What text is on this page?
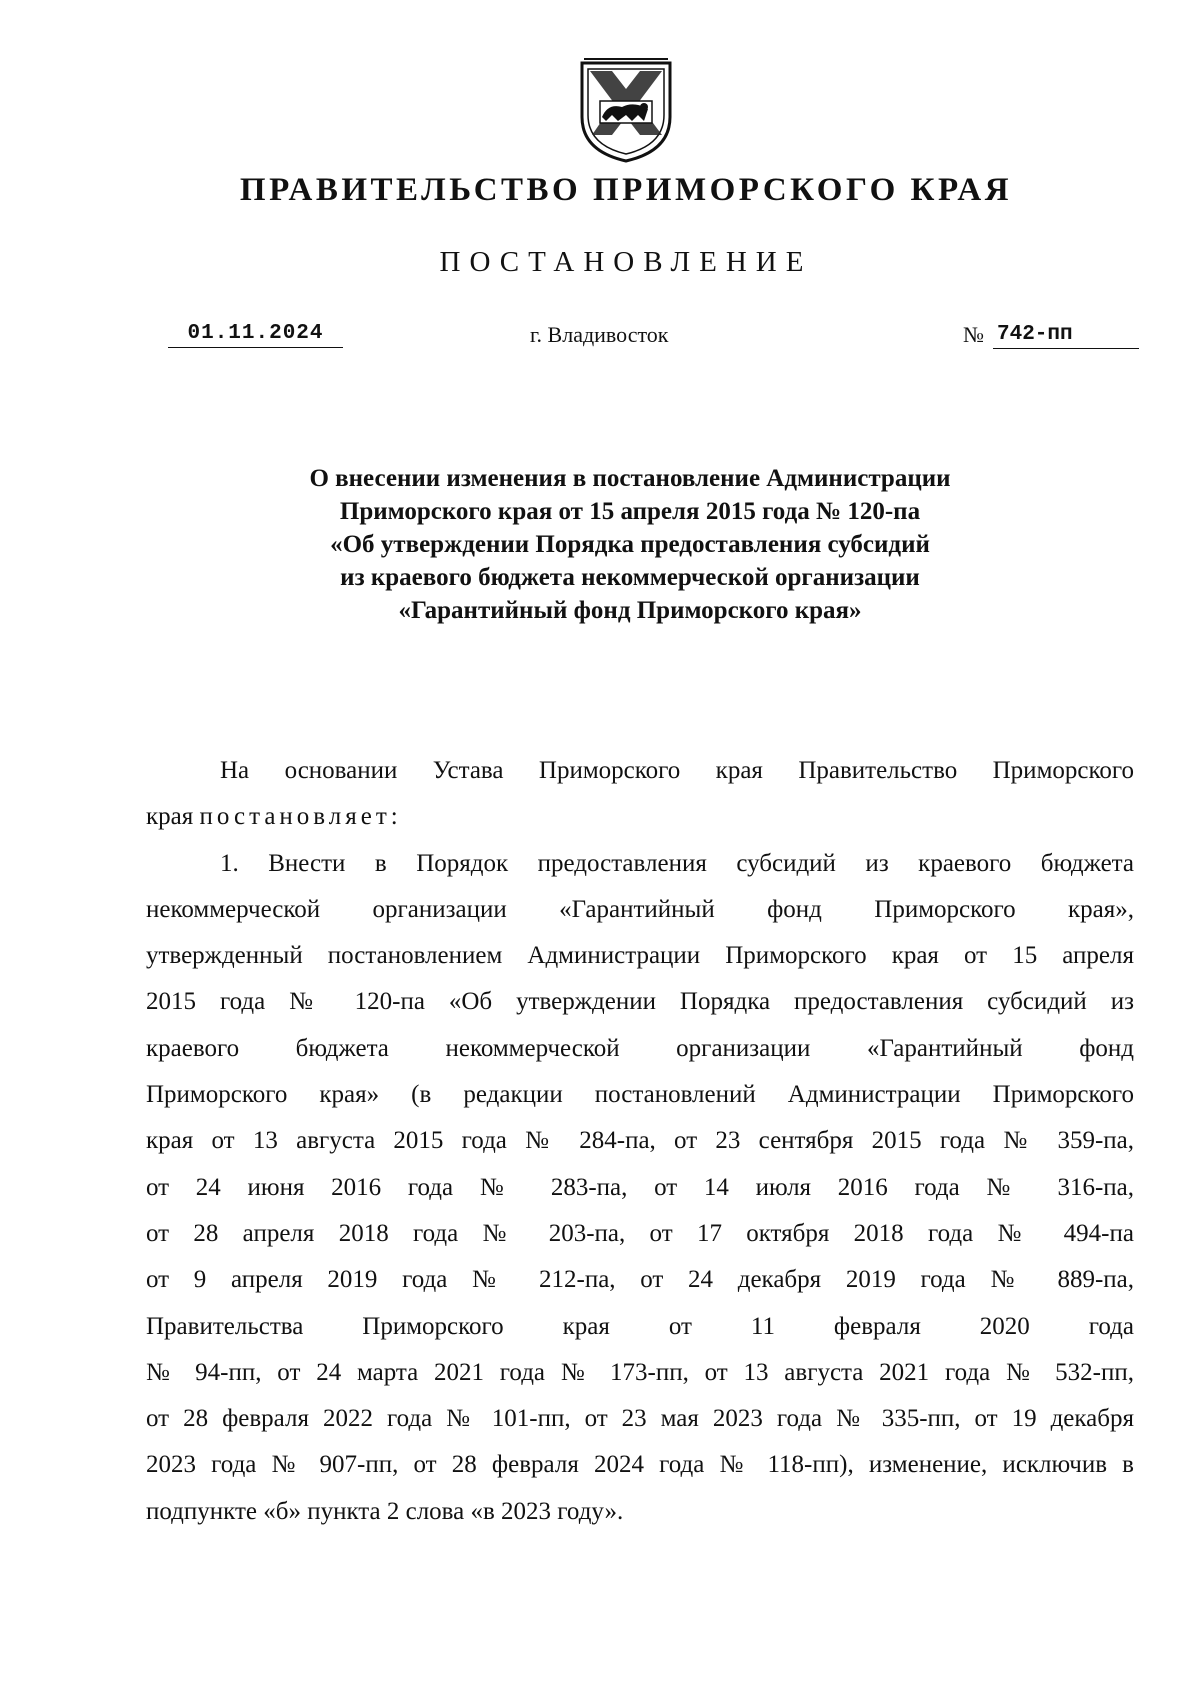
ПРАВИТЕЛЬСТВО ПРИМОРСКОГО КРАЯ
ПОСТАНОВЛЕНИЕ
01.11.2024	г. Владивосток	№ 742-пп
О внесении изменения в постановление Администрации
Приморского края от 15 апреля 2015 года № 120-па
«Об утверждении Порядка предоставления субсидий
из краевого бюджета некоммерческой организации
«Гарантийный фонд Приморского края»
На основании Устава Приморского края Правительство Приморского
края постановляет:
1. Внести в Порядок предоставления субсидий из краевого бюджета
некоммерческой организации «Гарантийный фонд Приморского края»,
утвержденный постановлением Администрации Приморского края от 15 апреля
2015 года № 120-па «Об утверждении Порядка предоставления субсидий из
краевого бюджета некоммерческой организации «Гарантийный фонд
Приморского края» (в редакции постановлений Администрации Приморского
края от 13 августа 2015 года № 284-па, от 23 сентября 2015 года № 359-па,
от 24 июня 2016 года № 283-па, от 14 июля 2016 года № 316-па,
от 28 апреля 2018 года № 203-па, от 17 октября 2018 года № 494-па
от 9 апреля 2019 года № 212-па, от 24 декабря 2019 года № 889-па,
Правительства Приморского края от 11 февраля 2020 года
№ 94-пп, от 24 марта 2021 года № 173-пп, от 13 августа 2021 года № 532-пп,
от 28 февраля 2022 года № 101-пп, от 23 мая 2023 года № 335-пп, от 19 декабря
2023 года № 907-пп, от 28 февраля 2024 года № 118-пп), изменение, исключив в
подпункте «б» пункта 2 слова «в 2023 году».
